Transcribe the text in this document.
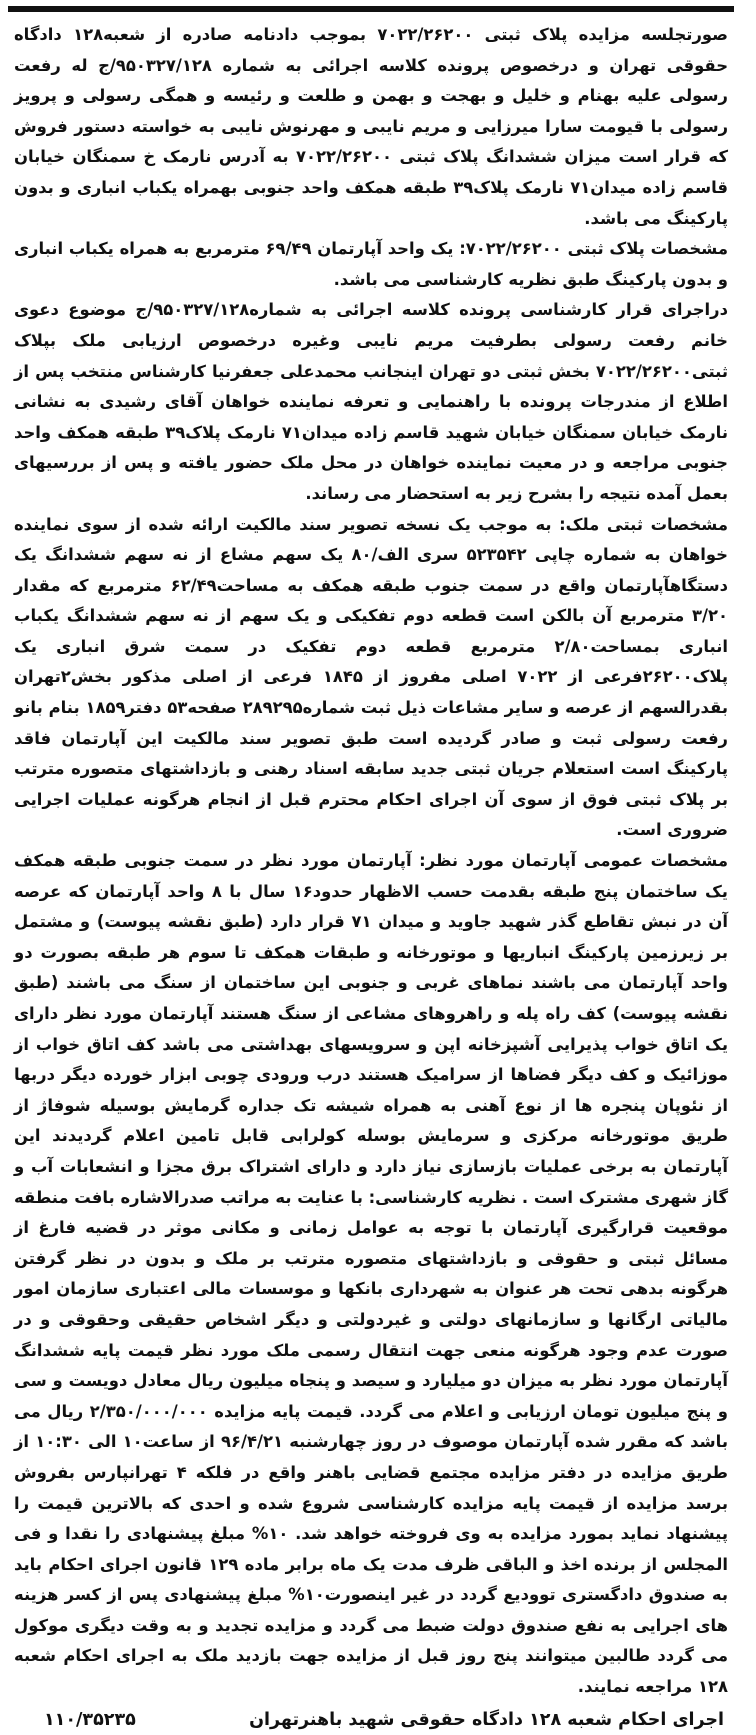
صورتجلسه مزایده پلاک ثبتی ۷۰۲۲/۲۶۲۰۰ بموجب دادنامه صادره از شعبه۱۲۸ دادگاه حقوقی تهران و درخصوص پرونده کلاسه اجرائی به شماره ۹۵۰۳۲۷/۱۲۸/ج له رفعت رسولی علیه بهنام و خلیل و بهجت و بهمن و طلعت و رئیسه و همگی رسولی و پرویز رسولی با قیومت سارا میرزایی و مریم نایبی و مهرنوش نایبی به خواسته دستور فروش که قرار است میزان ششدانگ پلاک ثبتی ۷۰۲۲/۲۶۲۰۰ به آدرس نارمک خ سمنگان خیابان قاسم زاده میدان۷۱ نارمک پلاک۳۹ طبقه همکف واحد جنوبی بهمراه یکباب انباری و بدون پارکینگ می باشد.

مشخصات پلاک ثبتی ۷۰۲۲/۲۶۲۰۰: یک واحد آپارتمان ۶۹/۴۹ مترمربع به همراه یکباب انباری و بدون پارکینگ طبق نظریه کارشناسی می باشد.

دراجرای قرار کارشناسی پرونده کلاسه اجرائی به شماره۹۵۰۳۲۷/۱۲۸/ج موضوع دعوی خانم رفعت رسولی بطرفیت مریم نایبی وغیره درخصوص ارزیابی ملک بپلاک ثبتی۷۰۲۲/۲۶۲۰۰ بخش ثبتی دو تهران اینجانب محمدعلی جعفرنیا کارشناس منتخب پس از اطلاع از مندرجات پرونده با راهنمایی و تعرفه نماینده خواهان آقای رشیدی به نشانی نارمک خیابان سمنگان خیابان شهید قاسم زاده میدان۷۱ نارمک پلاک۳۹ طبقه همکف واحد جنوبی مراجعه و در معیت نماینده خواهان در محل ملک حضور یافته و پس از بررسیهای بعمل آمده نتیجه را بشرح زیر به استحضار می رساند.

مشخصات ثبتی ملک: به موجب یک نسخه تصویر سند مالکیت ارائه شده از سوی نماینده خواهان به شماره چاپی ۵۲۳۵۴۲ سری الف/۸۰ یک سهم مشاع از نه سهم ششدانگ یک دستگاهآپارتمان واقع در سمت جنوب طبقه همکف به مساحت۶۲/۴۹ مترمربع که مقدار ۳/۲۰ مترمربع آن بالکن است قطعه دوم تفکیکی و یک سهم از نه سهم ششدانگ یکباب انباری بمساحت۲/۸۰ مترمربع قطعه دوم تفکیک در سمت شرق انباری یک پلاک۲۶۲۰۰فرعی از ۷۰۲۲ اصلی مفروز از ۱۸۴۵ فرعی از اصلی مذکور بخش۲تهران بقدرالسهم از عرصه و سایر مشاعات ذیل ثبت شماره۲۸۹۲۹۵ صفحه۵۳ دفتر۱۸۵۹ بنام بانو رفعت رسولی ثبت و صادر گردیده است طبق تصویر سند مالکیت این آپارتمان فاقد پارکینگ است استعلام جریان ثبتی جدید سابقه اسناد رهنی و بازداشتهای متصوره مترتب بر پلاک ثبتی فوق از سوی آن اجرای احکام محترم قبل از انجام هرگونه عملیات اجرایی ضروری است.

مشخصات عمومی آپارتمان مورد نظر: آپارتمان مورد نظر در سمت جنوبی طبقه همکف یک ساختمان پنج طبقه بقدمت حسب الاظهار حدود۱۶ سال با ۸ واحد آپارتمان که عرصه آن در نبش تقاطع گذر شهید جاوید و میدان ۷۱ قرار دارد (طبق نقشه پیوست) و مشتمل بر زیرزمین پارکینگ انباریها و موتورخانه و طبقات همکف تا سوم هر طبقه بصورت دو واحد آپارتمان می باشند نماهای غربی و جنوبی این ساختمان از سنگ می باشند (طبق نقشه پیوست) کف راه پله و راهروهای مشاعی از سنگ هستند آپارتمان مورد نظر دارای یک اتاق خواب پذیرایی آشپزخانه اپن و سرویسهای بهداشتی می باشد کف اتاق خواب از موزائیک و کف دیگر فضاها از سرامیک هستند درب ورودی چوبی ابزار خورده دیگر دربها از نئوپان پنجره ها از نوع آهنی به همراه شیشه تک جداره گرمایش بوسیله شوفاژ از طریق موتورخانه مرکزی و سرمایش بوسله کولرابی قابل تامین اعلام گردیدند این آپارتمان به برخی عملیات بازسازی نیاز دارد و دارای اشتراک برق مجزا و انشعابات آب و گاز شهری مشترک است . نظریه کارشناسی: با عنایت به مراتب صدرالاشاره بافت منطقه موقعیت قرارگیری آپارتمان با توجه به عوامل زمانی و مکانی موثر در قضیه فارغ از مسائل ثبتی و حقوقی و بازداشتهای متصوره مترتب بر ملک و بدون در نظر گرفتن هرگونه بدهی تحت هر عنوان به شهرداری بانکها و موسسات مالی اعتباری سازمان امور مالیاتی ارگانها و سازمانهای دولتی و غیردولتی و دیگر اشخاص حقیقی وحقوقی و در صورت عدم وجود هرگونه منعی جهت انتقال رسمی ملک مورد نظر قیمت پایه ششدانگ آپارتمان مورد نظر به میزان دو میلیارد و سیصد و پنجاه میلیون ریال معادل دویست و سی و پنج میلیون تومان ارزیابی و اعلام می گردد. قیمت پایه مزایده ۲/۳۵۰/۰۰۰/۰۰۰ ریال می باشد که مقرر شده آپارتمان موصوف در روز چهارشنبه ۹۶/۴/۲۱ از ساعت۱۰ الی ۱۰:۳۰ از طریق مزایده در دفتر مزایده مجتمع قضایی باهنر واقع در فلکه ۴ تهرانپارس بفروش برسد مزایده از قیمت پایه مزایده کارشناسی شروع شده و احدی که بالاترین قیمت را پیشنهاد نماید بمورد مزایده به وی فروخته خواهد شد. ۱۰% مبلغ پیشنهادی را نقدا و فی المجلس از برنده اخذ و الباقی ظرف مدت یک ماه برابر ماده ۱۲۹ قانون اجرای احکام باید به صندوق دادگستری توودیع گردد در غیر اینصورت۱۰% مبلغ پیشنهادی پس از کسر هزینه های اجرایی به نفع صندوق دولت ضبط می گردد و مزایده تجدید و به وقت دیگری موکول می گردد طالبین میتوانند پنج روز قبل از مزایده جهت بازدید ملک به اجرای احکام شعبه ۱۲۸ مراجعه نمایند.

اجرای احکام شعبه ۱۲۸ دادگاه حقوقی شهید باهنرتهران
۱۱۰/۳۵۲۳۵
